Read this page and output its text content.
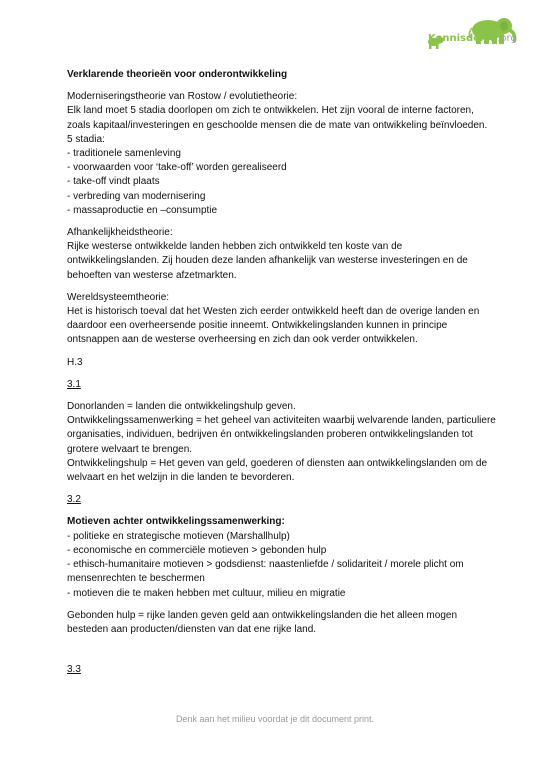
Kennisdelen.org

Verklarende theorieën voor onderontwikkeling

Moderniseringstheorie van Rostow / evolutietheorie:

Elk land moet 5 stadia doorlopen om zich te ontwikkelen. Het zijn vooral de interne factoren, zoals kapitaal/investeringen en geschoolde mensen die de mate van ontwikkeling beïnvloeden.

5 stadia:

- traditionele samenleving

- voorwaarden voor ‘take-off’ worden gerealiseerd

- take-off vindt plaats

- verbreding van modernisering

- massaproductie en –consumptie

Afhankelijkheidstheorie:

Rijke westerse ontwikkelde landen hebben zich ontwikkeld ten koste van de ontwikkelingslanden. Zij houden deze landen afhankelijk van westerse investeringen en de behoeften van westerse afzetmarkten.

Wereldsysteemtheorie:

Het is historisch toeval dat het Westen zich eerder ontwikkeld heeft dan de overige landen en daardoor een overheersende positie inneemt. Ontwikkelingslanden kunnen in principe ontsnappen aan de westerse overheersing en zich dan ook verder ontwikkelen.

H.3

3.1

Donorlanden = landen die ontwikkelingshulp geven.

Ontwikkelingssamenwerking = het geheel van activiteiten waarbij welvarende landen, particuliere organisaties, individuen, bedrijven én ontwikkelingslanden proberen ontwikkelingslanden tot grotere welvaart te brengen.

Ontwikkelingshulp = Het geven van geld, goederen of diensten aan ontwikkelingslanden om de welvaart en het welzijn in die landen te bevorderen.

3.2

Motieven achter ontwikkelingssamenwerking:

- politieke en strategische motieven (Marshallhulp)

- economische en commerciële motieven > gebonden hulp

- ethisch-humanitaire motieven > godsdienst: naastenliefde / solidariteit / morele plicht om mensenrechten te beschermen

- motieven die te maken hebben met cultuur, milieu en migratie

Gebonden hulp = rijke landen geven geld aan ontwikkelingslanden die het alleen mogen besteden aan producten/diensten van dat ene rijke land.

3.3

Denk aan het milieu voordat je dit document print.
